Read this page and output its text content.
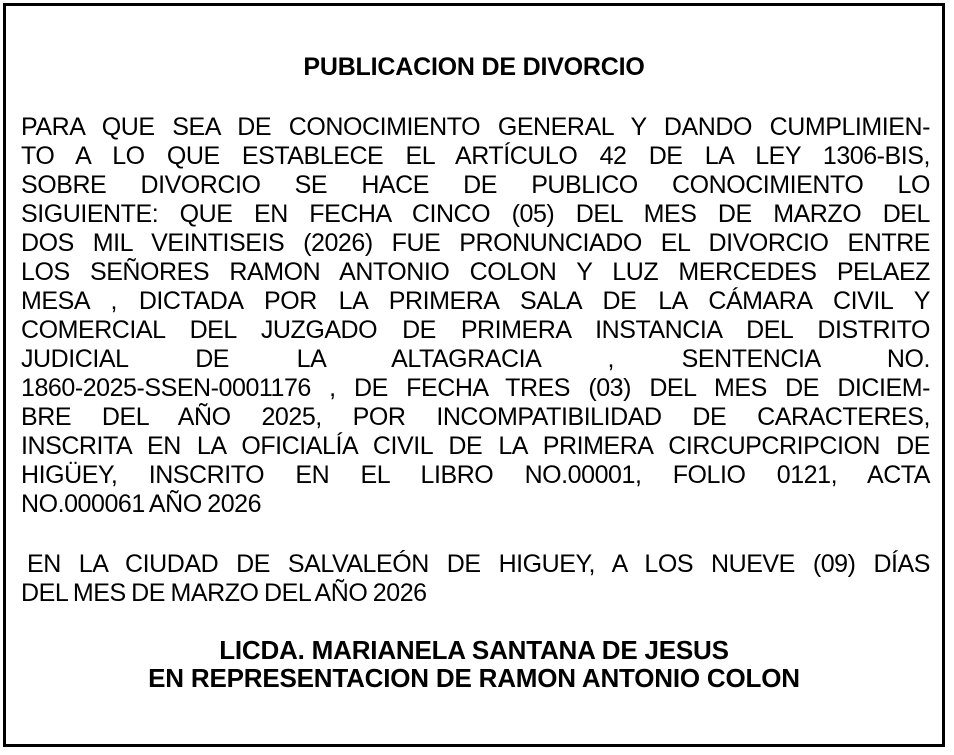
PUBLICACION DE DIVORCIO
PARA QUE SEA DE CONOCIMIENTO GENERAL Y DANDO CUMPLIMIEN-
TO A LO QUE ESTABLECE EL ARTÍCULO 42 DE LA LEY 1306-BIS,
SOBRE DIVORCIO SE HACE DE PUBLICO CONOCIMIENTO LO
SIGUIENTE: QUE EN FECHA CINCO (05) DEL MES DE MARZO DEL
DOS MIL VEINTISEIS (2026) FUE PRONUNCIADO EL DIVORCIO ENTRE
LOS SEÑORES RAMON ANTONIO COLON Y LUZ MERCEDES PELAEZ
MESA , DICTADA POR LA PRIMERA SALA DE LA CÁMARA CIVIL Y
COMERCIAL DEL JUZGADO DE PRIMERA INSTANCIA DEL DISTRITO
JUDICIAL DE LA ALTAGRACIA , SENTENCIA NO.
1860-2025-SSEN-0001176 , DE FECHA TRES (03) DEL MES DE DICIEM-
BRE DEL AÑO 2025, POR INCOMPATIBILIDAD DE CARACTERES,
INSCRITA EN LA OFICIALÍA CIVIL DE LA PRIMERA CIRCUPCRIPCION DE
HIGÜEY, INSCRITO EN EL LIBRO NO.00001, FOLIO 0121, ACTA
NO.000061 AÑO 2026
EN LA CIUDAD DE SALVALEÓN DE HIGUEY, A LOS NUEVE (09) DÍAS
DEL MES DE MARZO DEL AÑO 2026
LICDA. MARIANELA SANTANA DE JESUS
EN REPRESENTACION DE RAMON ANTONIO COLON
